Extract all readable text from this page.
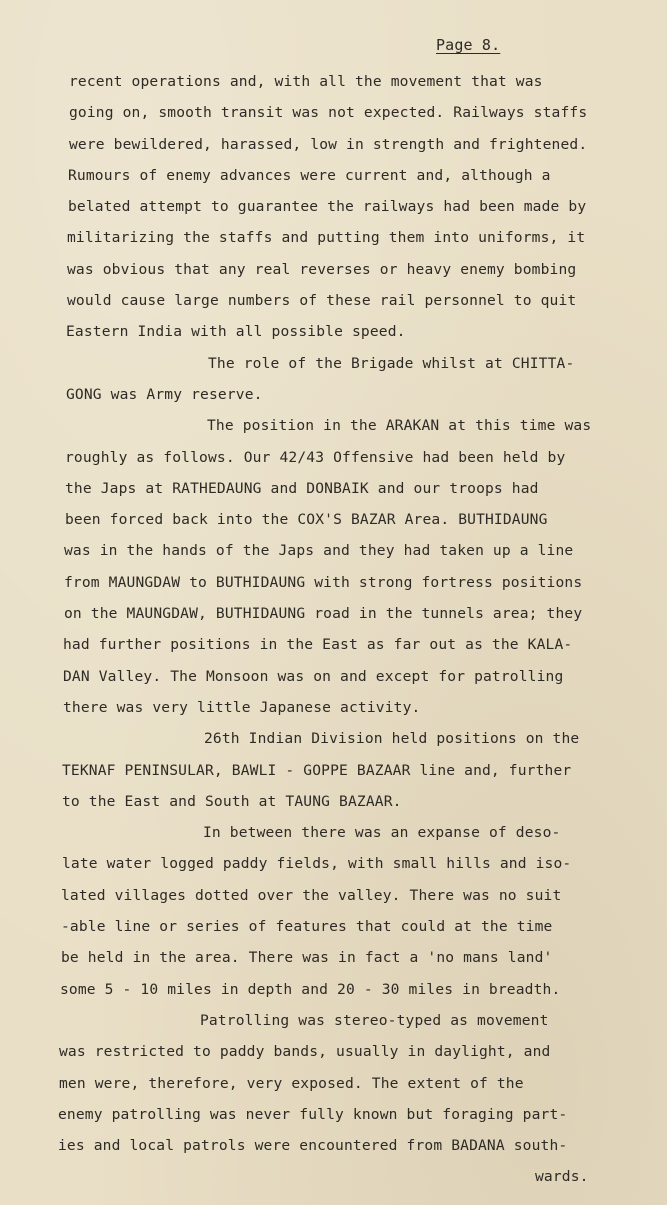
Page 8.
recent operations and, with all the movement that was
going on, smooth transit was not expected. Railways staffs
were bewildered, harassed, low in strength and frightened.
Rumours of enemy advances were current and, although a
belated attempt to guarantee the railways had been made by
militarizing the staffs and putting them into uniforms, it
was obvious that any real reverses or heavy enemy bombing
would cause large numbers of these rail personnel to quit
Eastern India with all possible speed.
The role of the Brigade whilst at CHITTA-
GONG was Army reserve.
The position in the ARAKAN at this time was
roughly as follows. Our 42/43 Offensive had been held by
the Japs at RATHEDAUNG and DONBAIK and our troops had
been forced back into the COX'S BAZAR Area. BUTHIDAUNG
was in the hands of the Japs and they had taken up a line
from MAUNGDAW to BUTHIDAUNG with strong fortress positions
on the MAUNGDAW, BUTHIDAUNG road in the tunnels area; they
had further positions in the East as far out as the KALA-
DAN Valley. The Monsoon was on and except for patrolling
there was very little Japanese activity.
26th Indian Division held positions on the
TEKNAF PENINSULAR, BAWLI - GOPPE BAZAAR line and, further
to the East and South at TAUNG BAZAAR.
In between there was an expanse of deso-
late water logged paddy fields, with small hills and iso-
lated villages dotted over the valley. There was no suit
-able line or series of features that could at the time
be held in the area. There was in fact a 'no mans land'
some 5 - 10 miles in depth and 20 - 30 miles in breadth.
Patrolling was stereo-typed as movement
was restricted to paddy bands, usually in daylight, and
men were, therefore, very exposed. The extent of the
enemy patrolling was never fully known but foraging part-
ies and local patrols were encountered from BADANA south-
wards.
